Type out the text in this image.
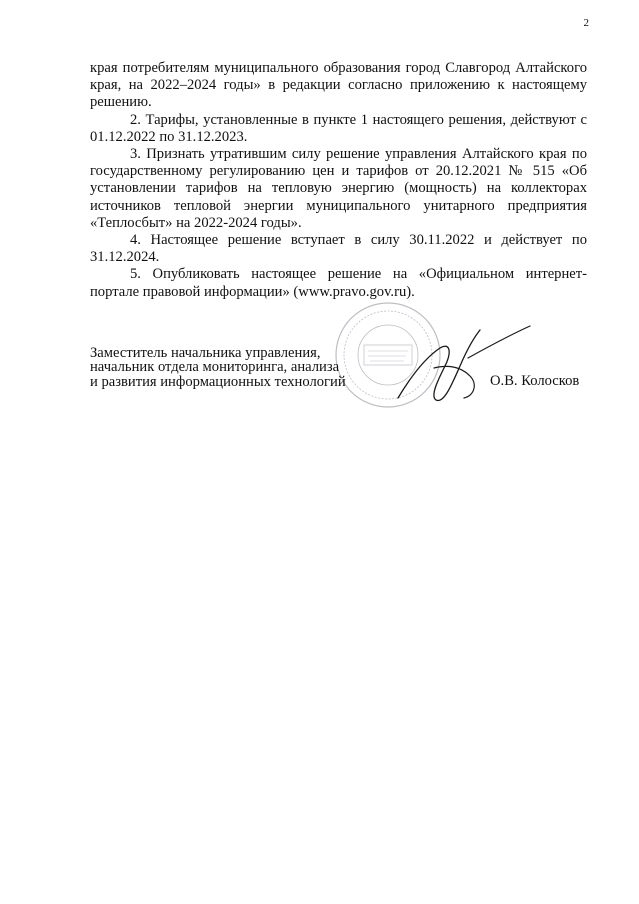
2

края потребителям муниципального образования город Славгород Алтайского края, на 2022–2024 годы» в редакции согласно приложению к настоящему решению.

2. Тарифы, установленные в пункте 1 настоящего решения, действуют с 01.12.2022 по 31.12.2023.

3. Признать утратившим силу решение управления Алтайского края по государственному регулированию цен и тарифов от 20.12.2021 № 515 «Об установлении тарифов на тепловую энергию (мощность) на коллекторах источников тепловой энергии муниципального унитарного предприятия «Теплосбыт» на 2022-2024 годы».

4. Настоящее решение вступает в силу 30.11.2022 и действует по 31.12.2024.

5. Опубликовать настоящее решение на «Официальном интернет-портале правовой информации» (www.pravo.gov.ru).

Заместитель начальника управления,
начальник отдела мониторинга, анализа
и развития информационных технологий	О.В. Колосков
